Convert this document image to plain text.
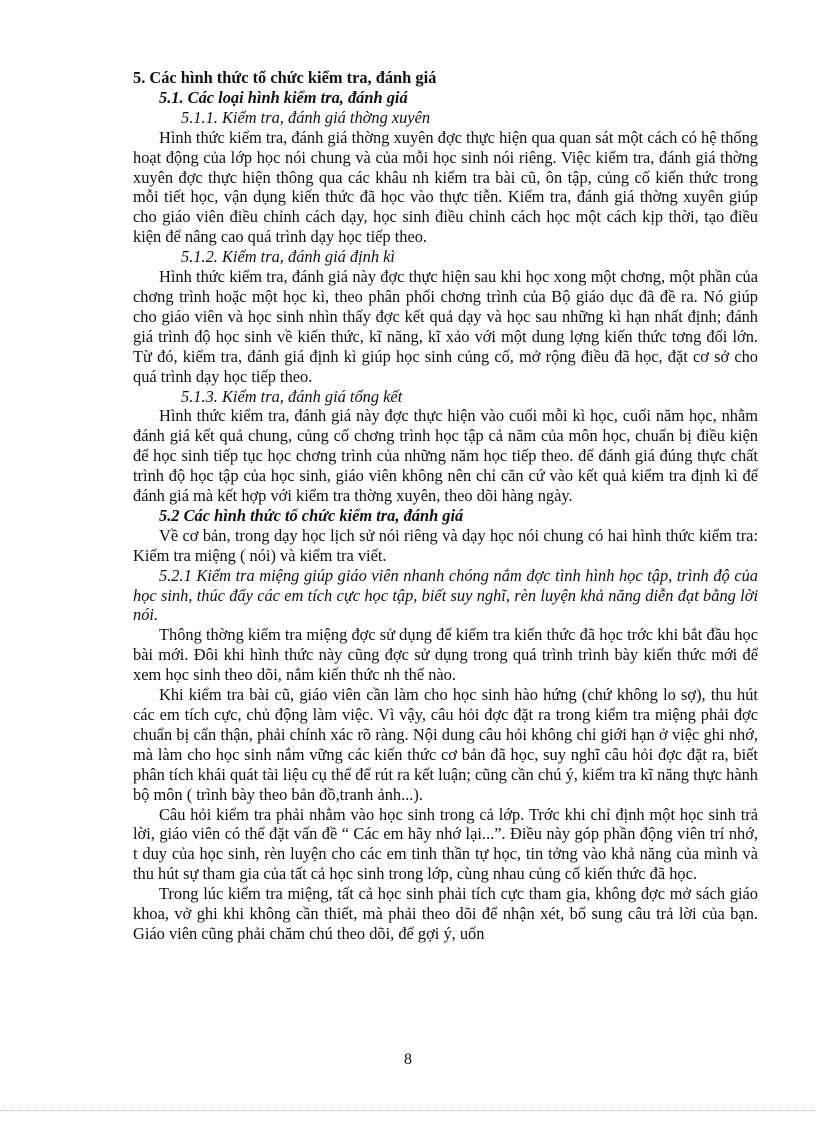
5. Các hình thức tổ chức kiểm tra, đánh giá

5.1. Các loại hình kiểm tra, đánh giá

5.1.1. Kiểm tra, đánh giá thờng xuyên

Hình thức kiểm tra, đánh giá thờng xuyên đợc thực hiện qua quan sát một cách có hệ thống hoạt động của lớp học nói chung và của mỗi học sinh nói riêng. Việc kiểm tra, đánh giá thờng xuyên đợc thực hiện thông qua các khâu nh kiểm tra bài cũ, ôn tập, củng cố kiến thức trong mỗi tiết học, vận dụng kiến thức đã học vào thực tiễn. Kiểm tra, đánh giá thờng xuyên giúp cho giáo viên điều chỉnh cách dạy, học sinh điều chỉnh cách học một cách kịp thời, tạo điều kiện để nâng cao quá trình dạy học tiếp theo.

5.1.2. Kiểm tra, đánh giá định kì

Hình thức kiểm tra, đánh giá này đợc thực hiện sau khi học xong một chơng, một phần của chơng trình hoặc một học kì, theo phân phối chơng trình của Bộ giáo dục đã đề ra. Nó giúp cho giáo viên và học sinh nhìn thấy đợc kết quả dạy và học sau những kì hạn nhất định; đánh giá trình độ học sinh về kiến thức, kĩ năng, kĩ xảo với một dung lợng kiến thức tơng đối lớn. Từ đó, kiểm tra, đánh giá định kì giúp học sinh củng cố, mở rộng điều đã học, đặt cơ sở cho quá trình dạy học tiếp theo.

5.1.3. Kiểm tra, đánh giá tổng kết

Hình thức kiểm tra, đánh giá này đợc thực hiện vào cuối mỗi kì học, cuối năm học, nhằm đánh giá kết quả chung, củng cố chơng trình học tập cả năm của môn học, chuẩn bị điều kiện để học sinh tiếp tục học chơng trình của những năm học tiếp theo. để đánh giá đúng thực chất trình độ học tập của học sinh, giáo viên không nên chỉ căn cứ vào kết quả kiểm tra định kì để đánh giá mà kết hợp với kiểm tra thờng xuyên, theo dõi hàng ngày.

5.2 Các hình thức tổ chức kiểm tra, đánh giá

Về cơ bản, trong dạy học lịch sử nói riêng và dạy học nói chung có hai hình thức kiểm tra: Kiểm tra miệng ( nói) và kiểm tra viết.

5.2.1 Kiểm tra miệng giúp giáo viên nhanh chóng nắm đợc tình hình học tập, trình độ của học sinh, thúc đẩy các em tích cực học tập, biết suy nghĩ, rèn luyện khả năng diễn đạt bằng lời nói.

Thông thờng kiểm tra miệng đợc sử dụng để kiểm tra kiến thức đã học trớc khi bắt đầu học bài mới. Đôi khi hình thức này cũng đợc sử dụng trong quá trình trình bày kiến thức mới để xem học sinh theo dõi, nắm kiến thức nh thế nào.

Khi kiểm tra bài cũ, giáo viên cần làm cho học sinh hào hứng (chứ không lo sợ), thu hút các em tích cực, chủ động làm việc. Vì vậy, câu hỏi đợc đặt ra trong kiểm tra miệng phải đợc chuẩn bị cẩn thận, phải chính xác rõ ràng. Nội dung câu hỏi không chỉ giới hạn ở việc ghi nhớ, mà làm cho học sinh nắm vững các kiến thức cơ bản đã học, suy nghĩ câu hỏi đợc đặt ra, biết phân tích khái quát tài liệu cụ thể để rút ra kết luận; cũng cần chú ý, kiểm tra kĩ năng thực hành bộ môn ( trình bày theo bản đồ,tranh ảnh...).

Câu hỏi kiểm tra phải nhằm vào học sinh trong cả lớp. Trớc khi chỉ định một học sinh trả lời, giáo viên có thể đặt vấn đề “ Các em hãy nhớ lại...”. Điều này góp phần động viên trí nhớ, t duy của học sinh, rèn luyện cho các em tinh thần tự học, tin tởng vào khả năng của mình và thu hút sự tham gia của tất cả học sinh trong lớp, cùng nhau củng cố kiến thức đã học.

Trong lúc kiểm tra miệng, tất cả học sinh phải tích cực tham gia, không đợc mở sách giáo khoa, vở ghi khi không cần thiết, mà phải theo dõi để nhận xét, bổ sung câu trả lời của bạn. Giáo viên cũng phải chăm chú theo dõi, để gợi ý, uốn

8
